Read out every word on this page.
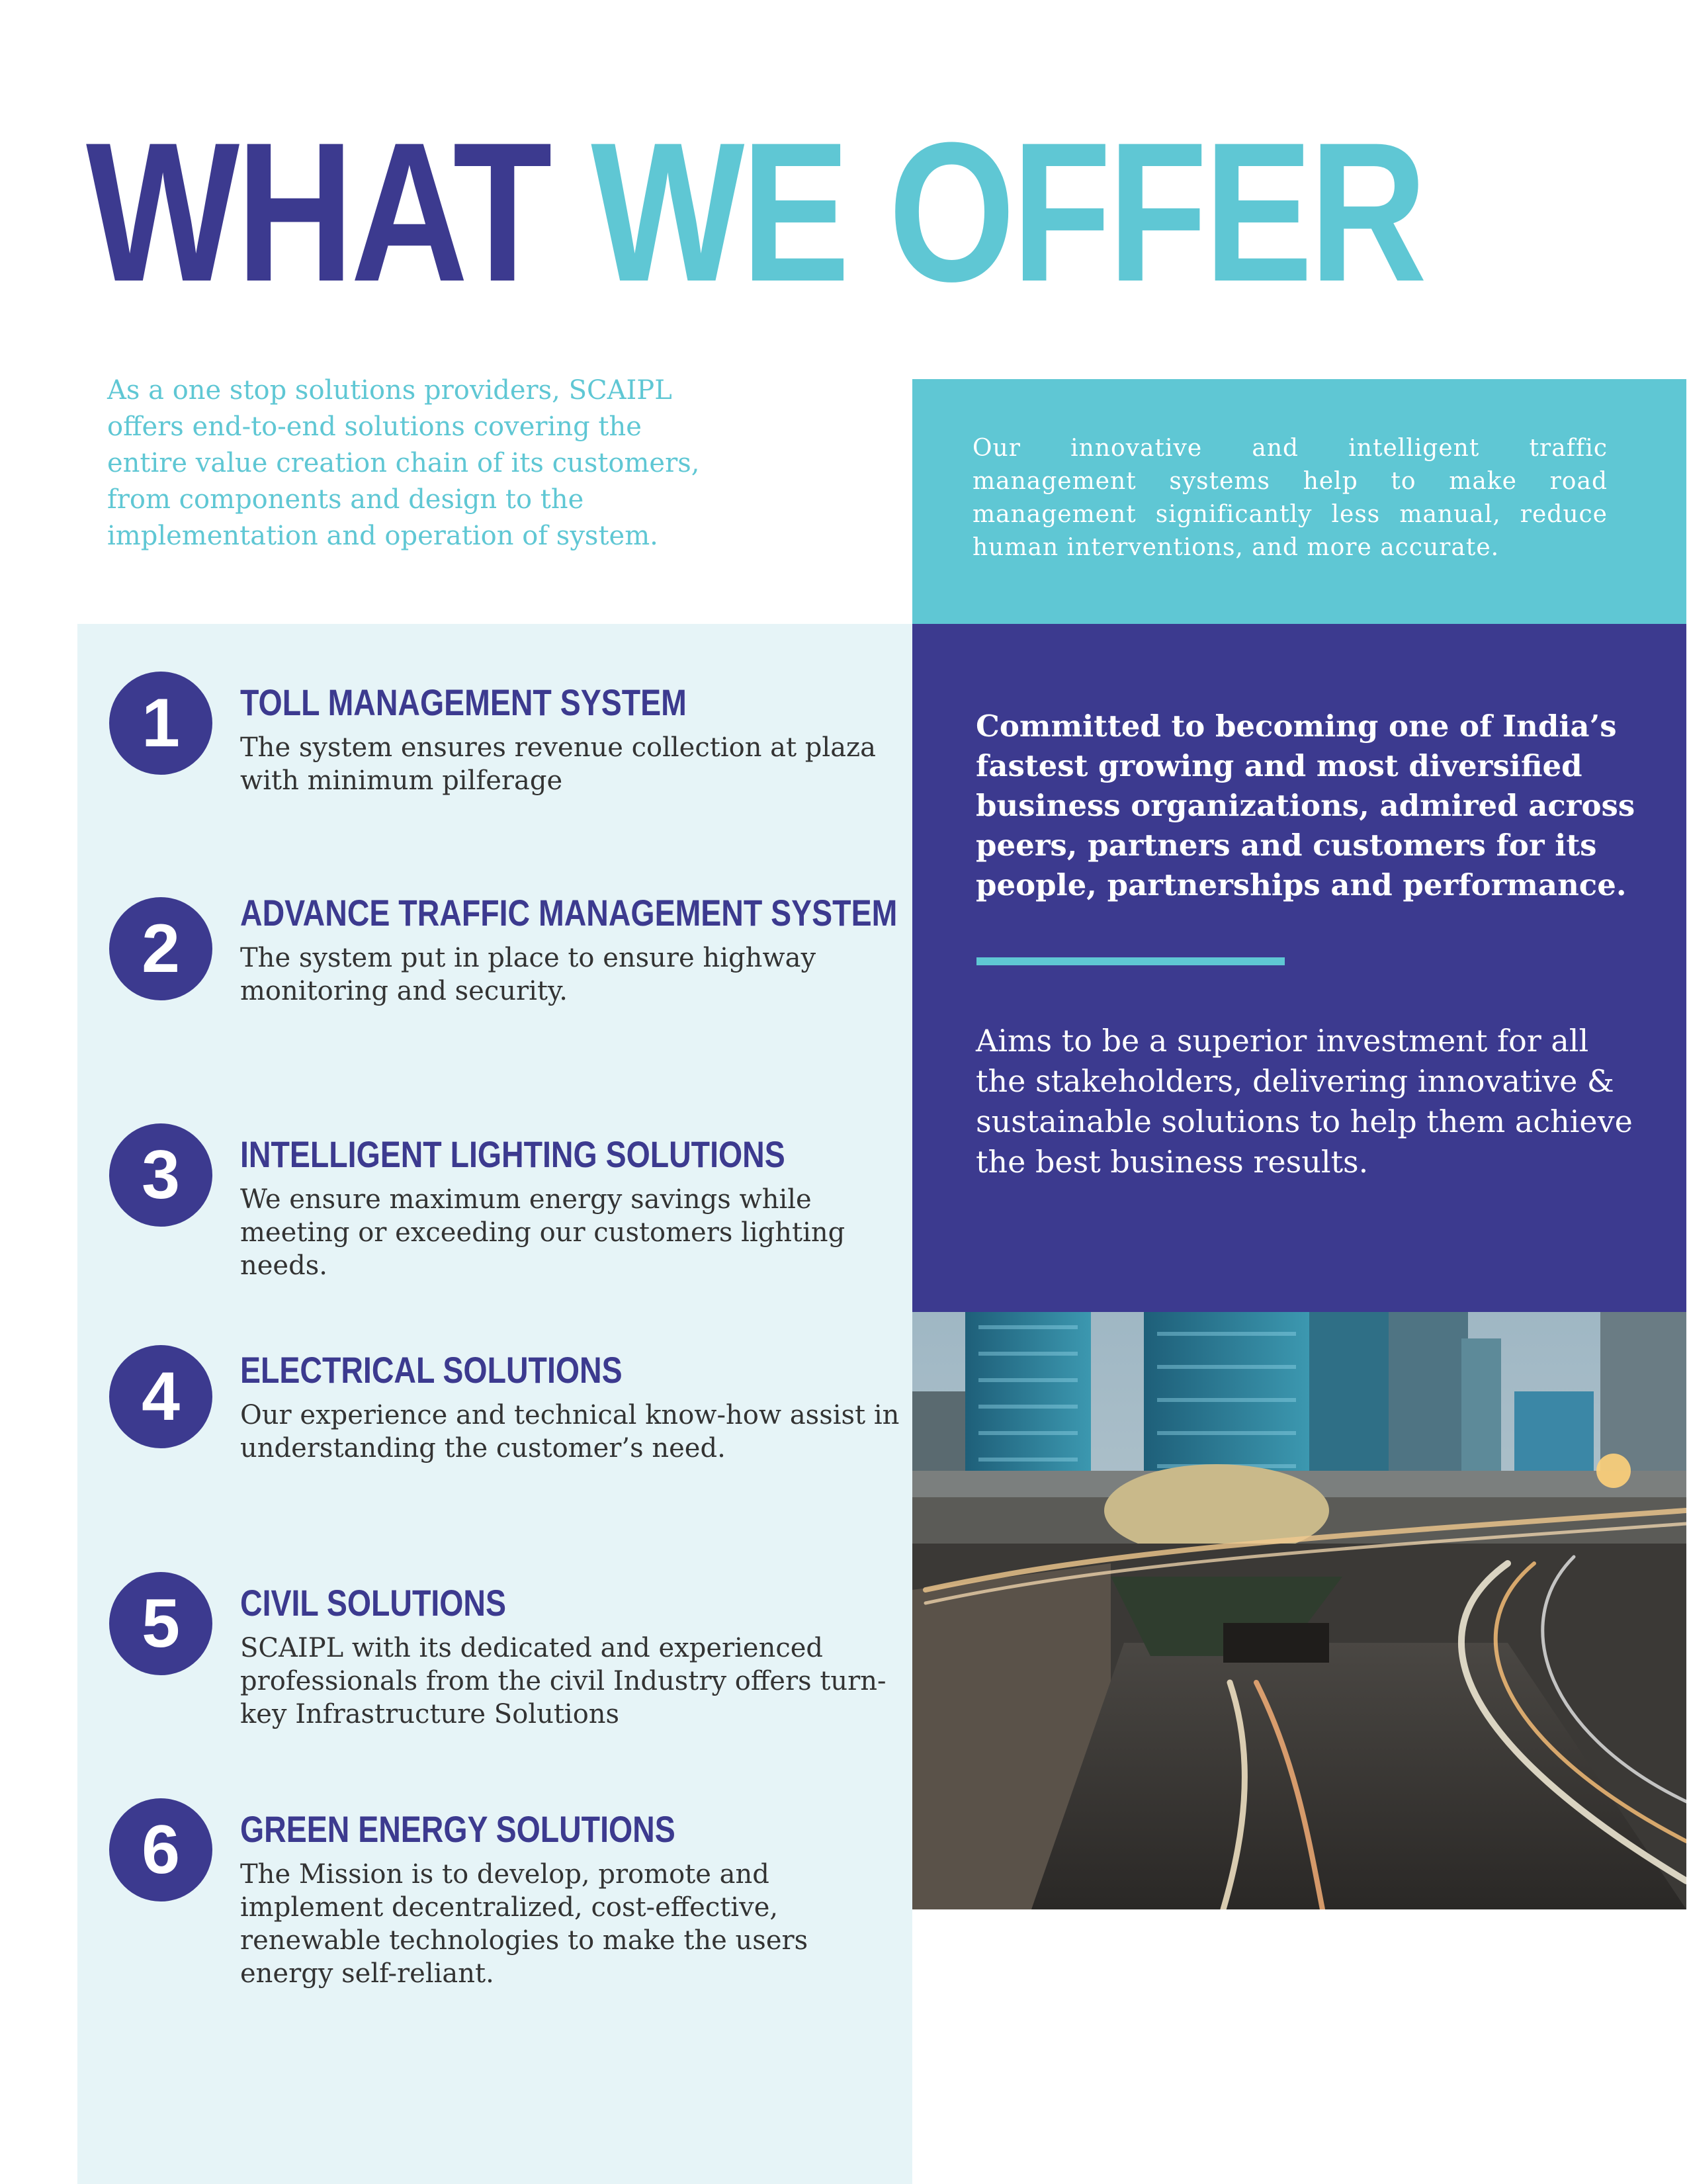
WHAT WE OFFER

As a one stop solutions providers, SCAIPL offers end-to-end solutions covering the entire value creation chain of its customers, from components and design to the implementation and operation of system.

Our innovative and intelligent traffic management systems help to make road management significantly less manual, reduce human interventions, and more accurate.

Committed to becoming one of India’s fastest growing and most diversified business organizations, admired across peers, partners and customers for its people, partnerships and performance.

Aims to be a superior investment for all the stakeholders, delivering innovative & sustainable solutions to help them achieve the best business results.

1	TOLL MANAGEMENT SYSTEM

The system ensures revenue collection at plaza with minimum pilferage

2	ADVANCE TRAFFIC MANAGEMENT SYSTEM

The system put in place to ensure highway monitoring and security.

3	INTELLIGENT LIGHTING SOLUTIONS

We ensure maximum energy savings while meeting or exceeding our customers lighting needs.

4	ELECTRICAL SOLUTIONS

Our experience and technical know-how assist in understanding the customer’s need.

5	CIVIL SOLUTIONS

SCAIPL with its dedicated and experienced professionals from the civil Industry offers turn-key Infrastructure Solutions

6	GREEN ENERGY SOLUTIONS

The Mission is to develop, promote and implement decentralized, cost-effective, renewable technologies to make the users energy self-reliant.
